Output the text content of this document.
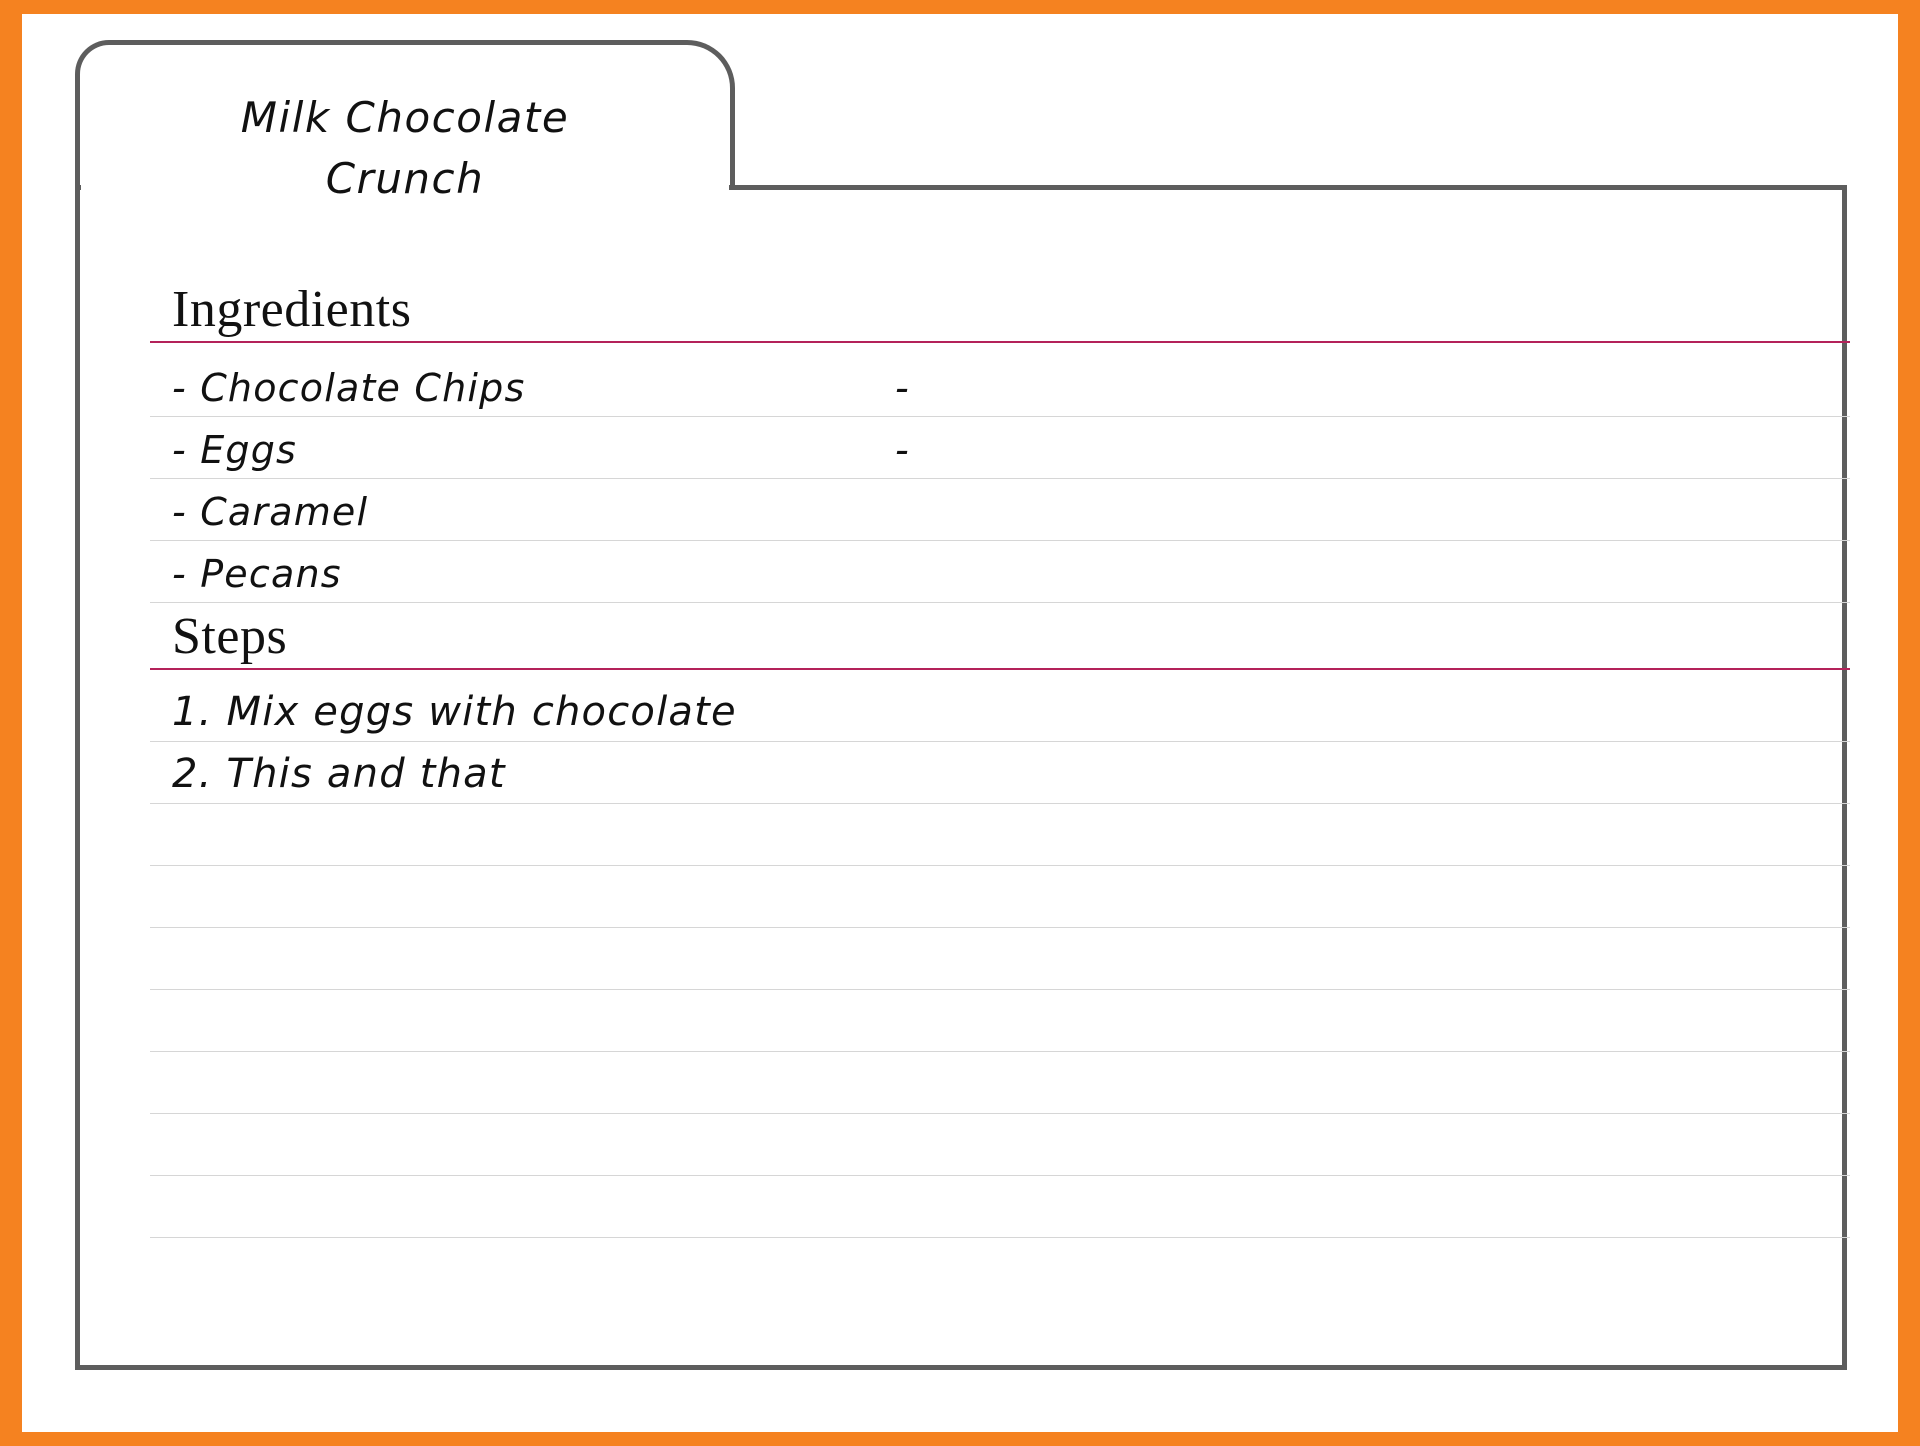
Milk Chocolate
Crunch
Ingredients
- Chocolate Chips	-
- Eggs	-
- Caramel
- Pecans
Steps
1. Mix eggs with chocolate
2. This and that
